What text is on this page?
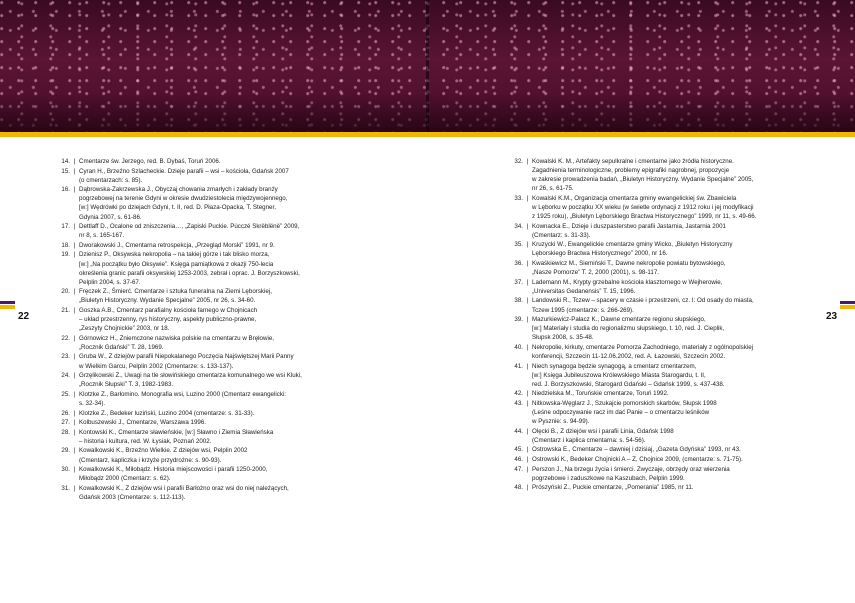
22	23
14. | Cmentarze św. Jerzego, red. B. Dybaś, Toruń 2006.
15. | Cyran H., Brzeźno Szlacheckie. Dzieje parafii – wsi – kościoła, Gdańsk 2007
(o cmentarzach: s. 85).
16. | Dąbrowska-Zakrzewska J., Obyczaj chowania zmarłych i zakłady branży
pogrzebowej na terenie Gdyni w okresie dwudziestolecia międzywojennego,
[w:] Wędrówki po dziejach Gdyni, t. II, red. D. Płaza-Opacka, T. Stegner,
Gdynia 2007, s. 61-86.
17. | Dettlaff D., Ocalone od zniszczenia…, „Zapiski Puckie. Pùcczé Skrëblënë” 2009,
nr 8, s. 165-167.
18. | Dworakowski J., Cmentarna retrospekcja, „Przegląd Morski” 1991, nr 9.
19. | Dzienisz P., Oksywska nekropolia – na takiej górze i tak blisko morza,
[w:] „Na początku było Oksywie”. Księga pamiątkowa z okazji 750-lecia
określenia granic parafii oksywskiej 1253-2003, zebrał i oprac. J. Borzyszkowski,
Pelplin 2004, s. 37-67.
20. | Fręczek Z., Śmierć. Cmentarze i sztuka funeralna na Ziemi Lęborskiej,
„Biuletyn Historyczny. Wydanie Specjalne” 2005, nr 26, s. 34-60.
21. | Goszka A.B., Cmentarz parafialny kościoła farnego w Chojnicach
– układ przestrzenny, rys historyczny, aspekty publiczno-prawne,
„Zeszyty Chojnickie” 2003, nr 18.
22. | Górnowicz H., Zniemczone nazwiska polskie na cmentarzu w Bręłowie,
„Rocznik Gdański” T. 28, 1969.
23. | Gruba W., Z dziejów parafii Niepokalanego Poczęcia Najświętszej Marii Panny
w Wielkim Garcu, Pelplin 2002 (Cmentarze: s. 133-137).
24. | Grzęlikowski Z., Uwagi na tle słowińskiego cmentarza komunalnego we wsi Kluki,
„Rocznik Słupski” T. 3, 1982-1983.
25. | Klotzke Z., Barłomino. Monografia wsi, Luzino 2000 (Cmentarz ewangelicki:
s. 32-34).
26. | Klotzke Z., Bedeker luziński, Luzino 2004 (cmentarze: s. 31-33).
27. | Kolbuszewski J., Cmentarze, Warszawa 1996.
28. | Kontowski K., Cmentarze sławieńskie, [w:] Sławno i Ziemia Sławieńska
– historia i kultura, red. W. Łysiak, Poznań 2002.
29. | Kowalkowski K., Brzeźno Wielkie. Z dziejów wsi, Pelplin 2002
(Cmentarz, kapliczka i krzyże przydrożne: s. 90-93).
30. | Kowalkowski K., Miłobądz. Historia miejscowości i parafii 1250-2000,
Miłobądz 2000 (Cmentarz: s. 62).
31. | Kowalkowski K., Z dziejów wsi i parafii Barłożno oraz wsi do niej należących,
Gdańsk 2003 (Cmentarze: s. 112-113).
32. | Kowalski K. M., Artefakty sepulkralne i cmentarne jako źródła historyczne.
Zagadnienia terminologiczne, problemy epigrafiki nagrobnej, propozycje
w zakresie prowadzenia badań, „Biuletyn Historyczny. Wydanie Specjalne” 2005,
nr 26, s. 61-75.
33. | Kowalski K.M., Organizacja cmentarza gminy ewangelickiej św. Zbawiciela
w Lęborku w początku XX wieku (w świetle ordynacji z 1912 roku i jej modyfikacji
z 1925 roku), „Biuletyn Lęborskiego Bractwa Historycznego” 1999, nr 11, s. 49-66.
34. | Kownacka E., Dzieje i duszpasterstwo parafii Jastarnia, Jastarnia 2001
(Cmentarz: s. 31-33).
35. | Kruzycki W., Ewangelickie cmentarze gminy Wicko, „Biuletyn Historyczny
Lęborskiego Bractwa Historycznego” 2000, nr 16.
36. | Kwaśkiewicz M., Siemiński T., Dawne nekropolie powiatu bytowskiego,
„Nasze Pomorze” T. 2, 2000 (2001), s. 98-117.
37. | Lademann M., Krypty grzebalne kościoła klasztornego w Wejherowie,
„Universitas Gedanensis” T. 15, 1996.
38. | Landowski R., Tczew – spacery w czasie i przestrzeni, cz. I: Od osady do miasta,
Tczew 1995 (cmentarze: s. 266-269).
39. | Mazurkiewicz-Pałacz K., Dawne cmentarze regionu słupskiego,
[w:] Materiały i studia do regionalizmu słupskiego, t. 10, red. J. Cieplik,
Słupsk 2008, s. 35-48.
40. | Nekropolie, kirkuty, cmentarze Pomorza Zachodniego, materiały z ogólnopolskiej
konferencji, Szczecin 11-12.06.2002, red. A. Łazowski, Szczecin 2002.
41. | Niech synagoga będzie synagogą, a cmentarz cmentarzem,
[w:] Księga Jubileuszowa Królewskiego Miasta Starogardu, t. II,
red. J. Borzyszkowski, Starogard Gdański – Gdańsk 1999, s. 437-438.
42. | Niedzielska M., Toruńskie cmentarze, Toruń 1992.
43. | Nitkowska-Węglarz J., Szukajcie pomorskich skarbów, Słupsk 1998
(Leśne odpoczywanie racz im dać Panie – o cmentarzu leśników
w Pysznie: s. 94-99).
44. | Olęcki B., Z dziejów wsi i parafii Linia, Gdańsk 1998
(Cmentarz i kaplica cmentarna: s. 54-56).
45. | Ostrowska E., Cmentarze – dawniej i dzisiaj, „Gazeta Gdyńska” 1993, nr 43.
46. | Ostrowski K., Bedeker Chojnicki A – Z, Chojnice 2009, (cmentarze: s. 71-75).
47. | Perszon J., Na brzegu życia i śmierci. Zwyczaje, obrzędy oraz wierzenia
pogrzebowe i zaduszkowe na Kaszubach, Pelplin 1999.
48. | Prószyński Z., Puckie cmentarze, „Pomerania” 1985, nr 11.
